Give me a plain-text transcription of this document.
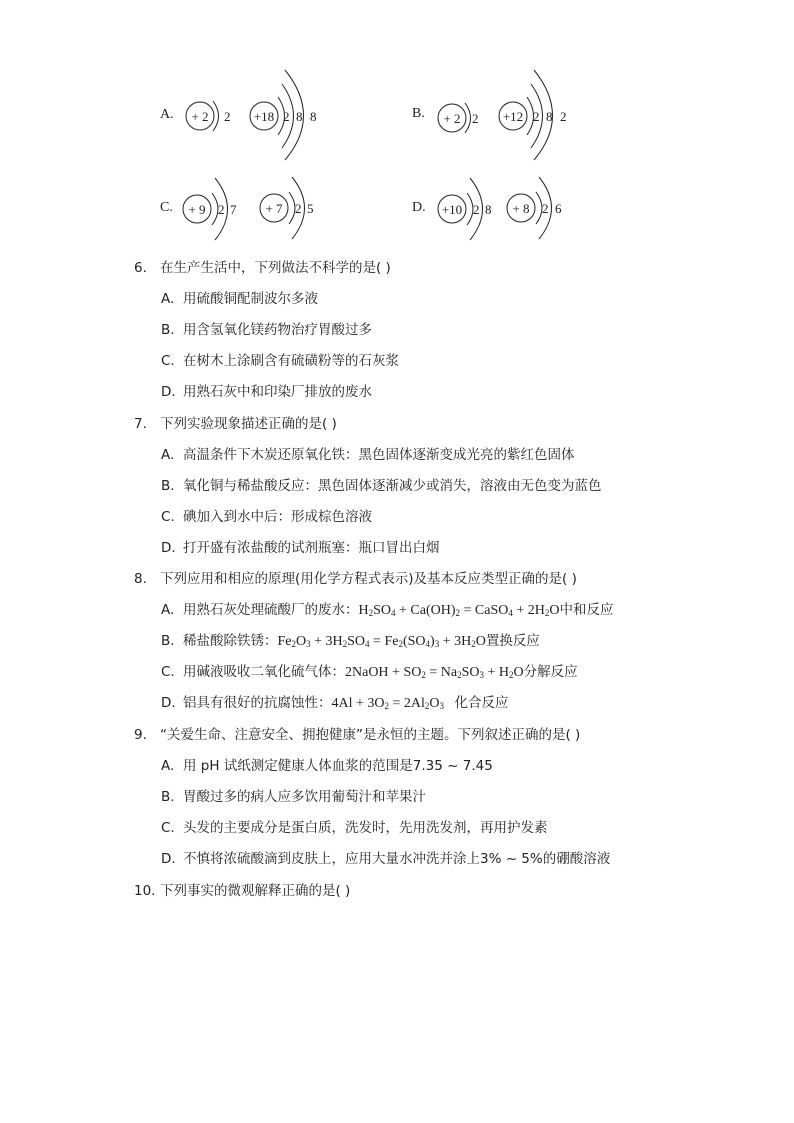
A. + 2 2 +18 2 8 8	B. + 2 2 +12 2 8 2
C. + 9 2 7 + 7 2 5	D. +10 2 8 + 8 2 6
6. 在生产生活中，下列做法不科学的是( )
A. 用硫酸铜配制波尔多液
B. 用含氢氧化镁药物治疗胃酸过多
C. 在树木上涂刷含有硫磺粉等的石灰浆
D. 用熟石灰中和印染厂排放的废水
7. 下列实验现象描述正确的是( )
A. 高温条件下木炭还原氧化铁：黑色固体逐渐变成光亮的紫红色固体
B. 氧化铜与稀盐酸反应：黑色固体逐渐减少或消失，溶液由无色变为蓝色
C. 碘加入到水中后：形成棕色溶液
D. 打开盛有浓盐酸的试剂瓶塞：瓶口冒出白烟
8. 下列应用和相应的原理(用化学方程式表示)及基本反应类型正确的是( )
A. 用熟石灰处理硫酸厂的废水：$H_2SO_4 + Ca(OH)_2$ = CaSO$_4$ + $2H_2O$中和反应
B. 稀盐酸除铁锈：$Fe_2O_3 + 3H_2SO_4 = Fe_2(SO_4)_3 + 3H_2O$置换反应
C. 用碱液吸收二氧化硫气体：2NaOH + $SO_2 = Na_2SO_3 + H_2O$分解反应
D. 铝具有很好的抗腐蚀性：$4Al + 3O_2 = 2Al_2O_3$ 化合反应
9. “关爱生命、注意安全、拥抱健康”是永恒的主题。下列叙述正确的是( )
A. 用 pH 试纸测定健康人体血浆的范围是7.35 ~ 7.45
B. 胃酸过多的病人应多饮用葡萄汁和苹果汁
C. 头发的主要成分是蛋白质，洗发时，先用洗发剂，再用护发素
D. 不慎将浓硫酸滴到皮肤上，应用大量水冲洗并涂上3% ~ 5%的硼酸溶液
10. 下列事实的微观解释正确的是( )
